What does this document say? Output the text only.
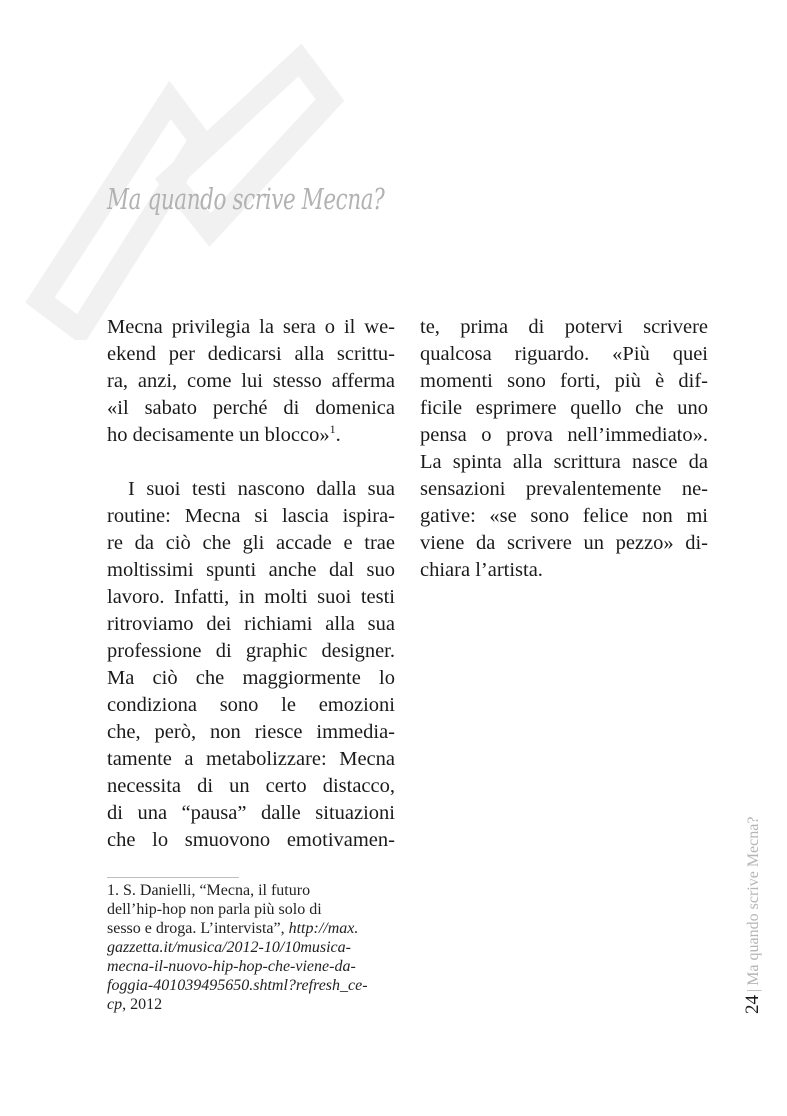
Ma quando scrive Mecna?
Mecna privilegia la sera o il we-
ekend per dedicarsi alla scrittu-
ra, anzi, come lui stesso afferma
«il sabato perché di domenica
ho decisamente un blocco»$^1$.
I suoi testi nascono dalla sua
routine: Mecna si lascia ispira-
re da ciò che gli accade e trae
moltissimi spunti anche dal suo
lavoro. Infatti, in molti suoi testi
ritroviamo dei richiami alla sua
professione di graphic designer.
Ma ciò che maggiormente lo
condiziona sono le emozioni
che, però, non riesce immedia-
tamente a metabolizzare: Mecna
necessita di un certo distacco,
di una “pausa” dalle situazioni
che lo smuovono emotivamen-
te, prima di potervi scrivere
qualcosa riguardo. «Più quei
momenti sono forti, più è dif-
ficile esprimere quello che uno
pensa o prova nell’immediato».
La spinta alla scrittura nasce da
sensazioni prevalentemente ne-
gative: «se sono felice non mi
viene da scrivere un pezzo» di-
chiara l’artista.
1. S. Danielli, “Mecna, il futuro
dell’hip-hop non parla più solo di
sesso e droga. L’intervista”, http://max.
gazzetta.it/musica/2012-10/10musica-
mecna-il-nuovo-hip-hop-che-viene-da-
foggia-401039495650.shtml?refresh_ce-
cp, 2012	24|Ma quando scrive Mecna?
